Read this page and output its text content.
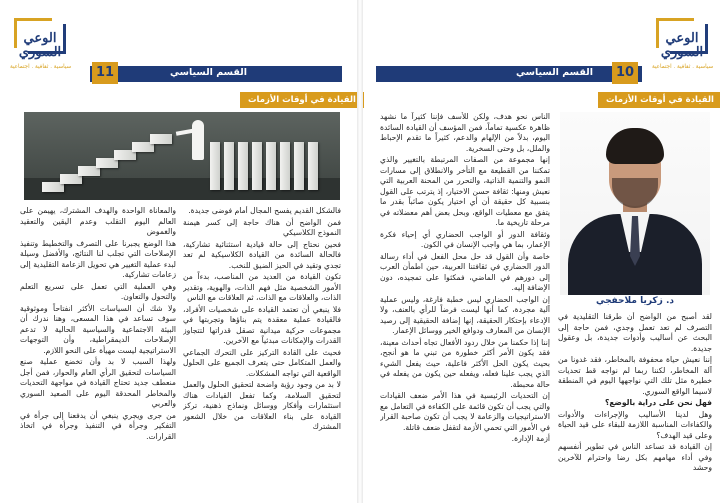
الوعي
السوري
سياسية . ثقافية . اجتماعية	القسم السياسي
11
القيادة في أوقات الأزمات

فالشكل القديم يفسح المجال أمام فوضى جديدة.

فمن الواضح أن هناك حاجة إلى كسر هيمنة النموذج الكلاسيكي

فحين نحتاج إلى حالة قيادية استثنائية تشاركية، فالحالة السائدة من القيادة الكلاسيكية لم تعد تجدي وتقيد في الحيز الضيق للنخب.

تكون القيادة من العديد من المناصب، بدءاً من الأمور الشخصية مثل فهم الذات، والهوية، وتقدير الذات، والعلاقات مع الذات، ثم العلاقات مع الناس

فلا ينبغي أن تعتمد القيادة على شخصيات الأفراد، فالقيادة عملية معقدة يتم بناؤها وتجربتها في مجموعات حركية ميدانية تصقل قدراتها لتتجاوز القدرات والإمكانات مبدئياً مع الآخرين.

فحيث على القادة التركيز على التحرك الجماعي والعمل المتكامل حتى يتعرف الجميع على الحلول الواقعية التي تواجه المشكلات.

لا بد من وجود رؤية واضحة لتحقيق الحلول والعمل لتحقيق السلامة، وكما تفعل القيادات هناك استثمارات وأفكار ووسائل ونماذج ذهنية، تركز القيادة على بناء العلاقات من خلال الشعور المشترك

والمعاناة الواحدة والهدف المشترك، يهيمن على العالم اليوم التقلب وعدم اليقين والتعقيد والغموض

هذا الوضع يجبرنا على التصرف والتخطيط وتنفيذ الإصلاحات التي تجلب لنا النتائج، والأفضل وسيلة لبدء عملية التغيير هي تحويل الزعامة التقليدية إلى زعامات تشاركية.

وهي العملية التي تعمل على تسريع التعلم والتحول والتعاون.

ولا شك أن السياسات الأكثر انفتاحاً وموثوقية سوف تساعد في هذا المسعى، وهنا ندرك أن البيئة الاجتماعية والسياسية الحالية لا تدعم الإصلاحات الديمقراطية، وأن التوجهات الاستراتيجية ليست مهيأة على النحو اللازم.

ولهذا السبب لا بد وأن تخضع عملية صنع السياسات لتحقيق الرأي العام والحوار، فمن أجل منعطف جديد تحتاج القيادة في مواجهة التحديات والمخاطر المحدقة اليوم على الصعيد السوري والعربي

من جرى ويجري ينبغي أن يدفعنا إلى جرأة في التفكير وجرأة في التنفيذ وجرأة في اتخاذ القرارات.

الوعي
السوري
سياسية . ثقافية . اجتماعية
القسم السياسي	10
القيادة في أوقات الأزمات

الناس نحو هدف، ولكن للأسف فإننا كثيراً ما نشهد ظاهرة عكسية تماماً، فمن المؤسف أن القيادة السائدة اليوم، بدلاً من الإلهام والدعم، كثيراً ما تقدم الإحباط والملل، بل وحتى السخرية.

إنها مجموعة من الصفات المرتبطة بالتغيير والذي تمكننا من القطيعة مع التأخر والانطلاق إلى مسارات النمو والتنمية الذاتية، والتحرر من المحنة العربية التي نعيش ومنها: ثقافة حسن الاختيار، إذ يترتب على القول بنسبية كل حقيقة أن أي اختيار يكون صائباً بقدر ما يتفق مع معطيات الواقع، وبحل بعض أهم معضلاته في مرحلة تاريخية ما.

وثقافة الدور أو الواجب الحضاري أي إحياء فكرة الإعمار، بما هي واجب الإنسان في الكون.

خاصة وأن القول قد حل محل الفعل في أداء رسالة الدور الحضاري في ثقافتنا العربية، حين اطمأن العرب إلى دورهم في الماضي، فمكثوا على تمجيده، دون الإضافة إليه.

إن الواجب الحضاري ليس خطبة فارغة، وليس عملية آلية مجردة، كما أنها ليست فرضاً للرأي بالعنف، ولا الإدعاء بإحتكار الحقيقة، إنها إضافة الحقيقية إلى رصيد الإنسان من المعارف ودوافع الخير ووسائل الإعمار.

إننا إذا حكمنا من خلال ردود الأفعال تجاه أحداث معينة، فقد يكون الأمر أكثر خطورة من تبني ما هو أنجح، بحيث يكون الحل الأكثر فاعلية، حيث يفعل الشيء الذي يجب علينا فعله، ويفعله حين يكون من يفعله في حالة محبطة.

إن التحديات الرئيسية في هذا الأمر ضعف القيادات والتي يجب أن تكون قائمة على الكفاءة في التعامل مع الاستراتيجيات والزعامة لا يجب أن تكون صاحبة القرار في الأمور التي تحمي الأزمة لتقفل ضعف قاتلة.

أزمة الإدارة.

د. زكريا ملاحفجي

لقد أصبح من الواضح أن طرقنا التقليدية في التصرف لم تعد تعمل وجدي، فمن حاجة إلى البحث عن أساليب وأدوات جديدة، بل وعقول جديدة.

إننا نعيش حياة محفوفة بالمخاطر، فقد غدونا من آلة المخاطر، لكننا ربما لم نواجه قط تحديات خطيرة مثل تلك التي نواجهها اليوم في المنطقة لاسيما الواقع السوري.

فهل نحن على دراية بالوضع؟

وهل لدينا الأساليب والإجراءات والأدوات والكفاءات المناسبة اللازمة للبقاء على قيد الحياة وعلى قيد الهدف؟

إن القيادة قد تساعد الناس في تطوير أنفسهم وفي أداء مهامهم بكل رضا واحترام للآخرين وحشد
